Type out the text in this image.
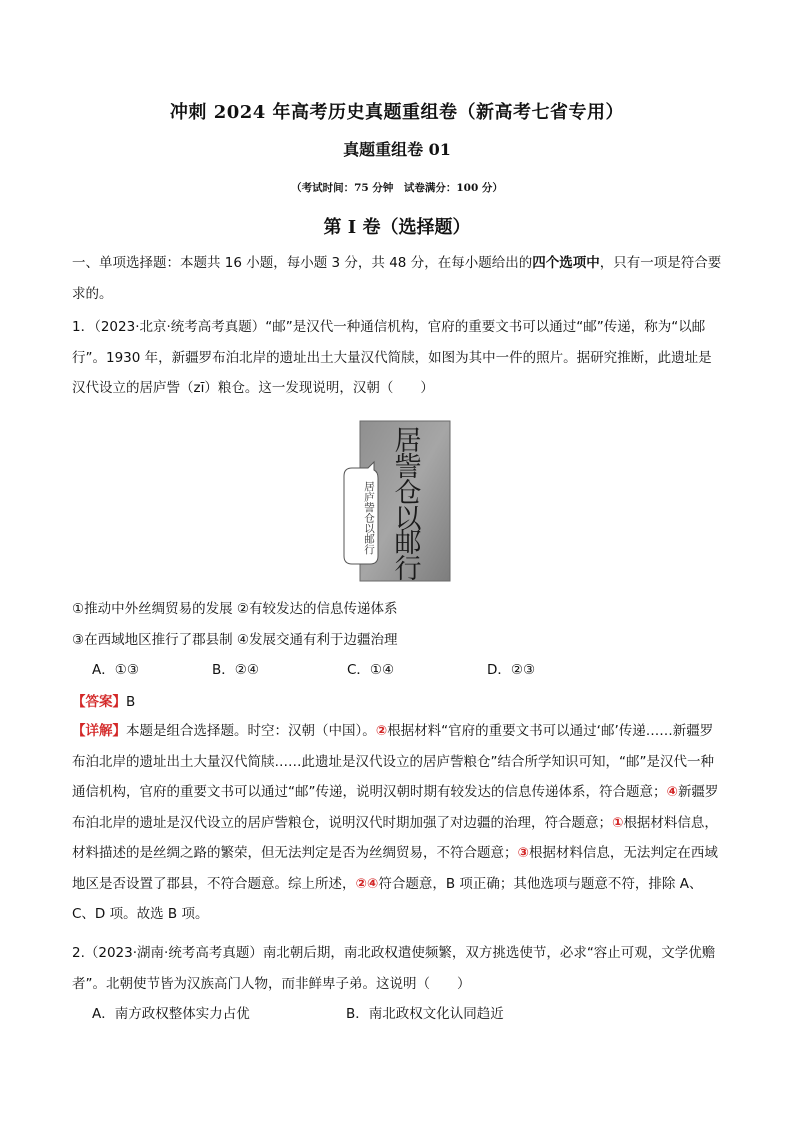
冲刺 2024 年高考历史真题重组卷（新高考七省专用）
真题重组卷 01
（考试时间：75 分钟　试卷满分：100 分）
第 I 卷（选择题）
一、单项选择题：本题共 16 小题，每小题 3 分，共 48 分，在每小题给出的四个选项中，只有一项是符合要求的。
1．（2023·北京·统考高考真题）“邮”是汉代一种通信机构，官府的重要文书可以通过“邮”传递，称为“以邮行”。1930 年，新疆罗布泊北岸的遗址出土大量汉代简牍，如图为其中一件的照片。据研究推断，此遗址是汉代设立的居庐訾（zī）粮仓。这一发现说明，汉朝（　　）
居
訾
仓
以
邮
行
居庐訾仓以邮行
①推动中外丝绸贸易的发展 ②有较发达的信息传递体系
③在西域地区推行了郡县制 ④发展交通有利于边疆治理
A．①③	B．②④	C．①④	D．②③
【答案】B
【详解】本题是组合选择题。时空：汉朝（中国）。②根据材料“官府的重要文书可以通过‘邮’传递……新疆罗布泊北岸的遗址出土大量汉代简牍……此遗址是汉代设立的居庐訾粮仓”结合所学知识可知，“邮”是汉代一种通信机构，官府的重要文书可以通过“邮”传递，说明汉朝时期有较发达的信息传递体系，符合题意；④新疆罗布泊北岸的遗址是汉代设立的居庐訾粮仓，说明汉代时期加强了对边疆的治理，符合题意；①根据材料信息，材料描述的是丝绸之路的繁荣，但无法判定是否为丝绸贸易，不符合题意；③根据材料信息，无法判定在西域地区是否设置了郡县，不符合题意。综上所述，②④符合题意，B 项正确；其他选项与题意不符，排除 A、C、D 项。故选 B 项。
2.（2023·湖南·统考高考真题）南北朝后期，南北政权遣使频繁，双方挑选使节，必求“容止可观，文学优赡者”。北朝使节皆为汉族高门人物，而非鲜卑子弟。这说明（　　）
A．南方政权整体实力占优	B．南北政权文化认同趋近
